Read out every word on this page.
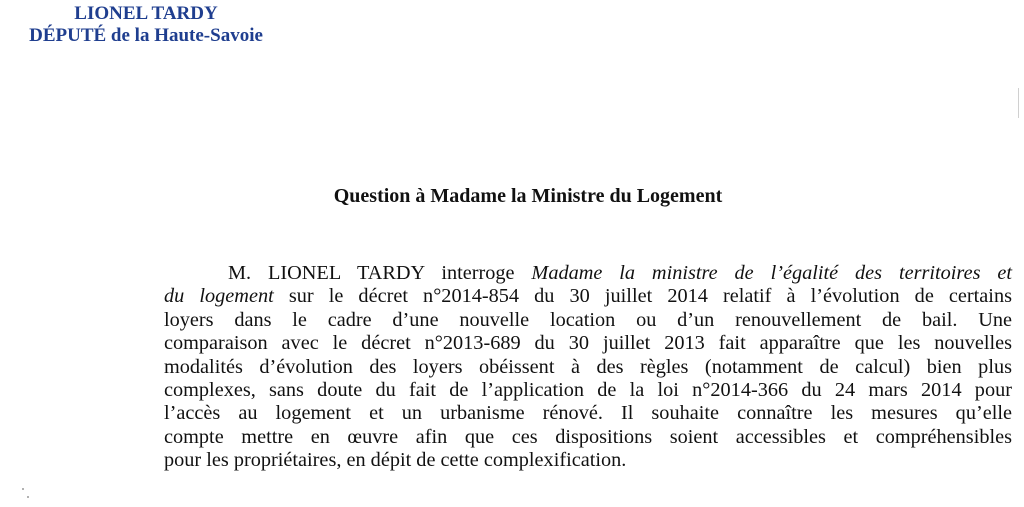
LIONEL TARDY
DÉPUTÉ de la Haute-Savoie
Question à Madame la Ministre du Logement
M. LIONEL TARDY interroge Madame la ministre de l’égalité des territoires et
du logement sur le décret n°2014-854 du 30 juillet 2014 relatif à l’évolution de certains
loyers dans le cadre d’une nouvelle location ou d’un renouvellement de bail. Une
comparaison avec le décret n°2013-689 du 30 juillet 2013 fait apparaître que les nouvelles
modalités d’évolution des loyers obéissent à des règles (notamment de calcul) bien plus
complexes, sans doute du fait de l’application de la loi n°2014-366 du 24 mars 2014 pour
l’accès au logement et un urbanisme rénové. Il souhaite connaître les mesures qu’elle
compte mettre en œuvre afin que ces dispositions soient accessibles et compréhensibles
pour les propriétaires, en dépit de cette complexification.
